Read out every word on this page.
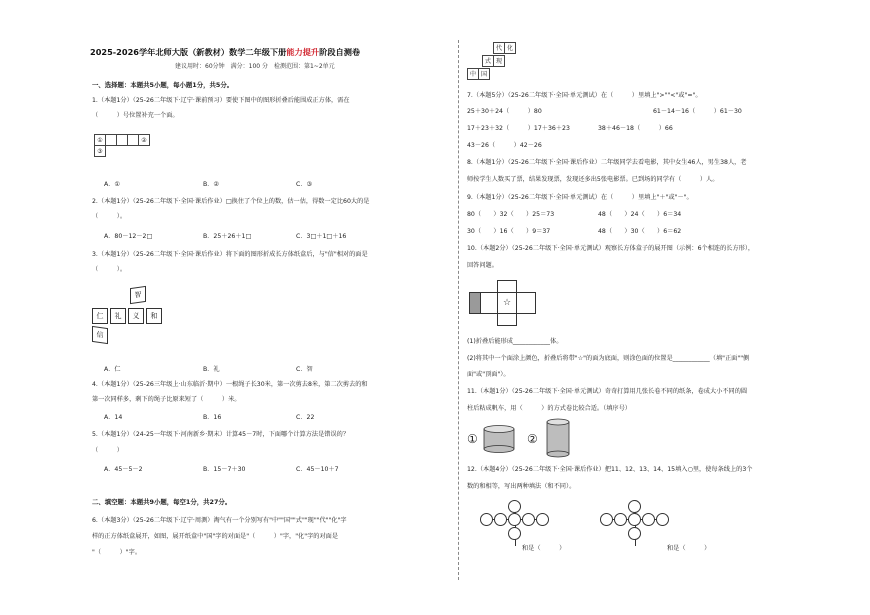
2025-2026学年北师大版（新教材）数学二年级下册能力提升阶段自测卷
建议用时：60分钟　满分：100 分　检测范围：第1~2单元
一、选择题：本题共5小题，每小题1分，共5分。
1.（本题1分）（25-26二年级下·辽宁·课前预习）要使下图中的图形折叠后能围成正方体，需在
（　　　）号位置补充一个面。
①	②
③
A．①	B．②	C．③
2.（本题1分）（25-26二年级下·全国·课后作业）□换住了个位上的数，估一估，得数一定比60大的是
（　　　）。
A．80－12－2□	B．25＋26＋1□	C．3□＋1□＋16
3.（本题1分）（25-26二年级下·全国·课后作业）将下面的图形折成长方体纸盒后，与"信"相对的面是
（　　　）。
智
仁	礼	义	和
信
A．仁	B．礼	C．智
4.（本题1分）（25-26三年级上·山东临沂·期中）一根绳子长30米，第一次剪去8米，第二次剪去的和
第一次同样多，剩下的绳子比原来短了（　　　）米。
A．14	B．16	C．22
5.（本题1分）（24-25一年级下·河南新乡·期末）计算45－7时，下面哪个计算方法是错误的？
（　　　）
A．45－5－2	B．15－7＋30	C．45－10＋7
二、填空题：本题共9小题，每空1分，共27分。
6.（本题3分）（25-26二年级下·辽宁·周测）淘气有一个分别写有"中""国""式""现""代""化"字
样的正方体纸盒展开，如图，展开纸盒中"国"字的对面是"（　　　）"字，"化"字的对面是
"（　　　）"字。
代 化
式 现
中 国
7.（本题5分）（25-26二年级下·全国·单元测试）在（　　　）里填上">""<"或"="。
25＋30＋24（　　　）80	61－14－16（　　　）61－30
17＋23＋32（　　　）17＋36＋23	38＋46－18（　　　）66
43－26（　　　）42－26
8.（本题1分）（25-26二年级下·全国·课后作业）二年级同学去看电影，其中女生46人，男生38人，老
师按学生人数买了票，结果发现票，发现还多出5张电影票。已到场的同学有（　　　）人。
9.（本题1分）（25-26二年级下·全国·单元测试）在（　　　）里填上"＋"或"－"。
80（　　）32（　　）25＝73	48（　　）24（　　）6＝34
30（　　）16（　　）9＝37	48（　　）30（　　）6＝62
10.（本题2分）（25-26二年级下·全国·单元测试）观察长方体盒子的展开图（示例：6个相连的长方形），
回答问题。
☆
(1)折叠后能形成____________体。
(2)将其中一个面涂上颜色，折叠后将带"☆"的面为底面，则涂色面的位置是____________（填"正面""侧
面"或"顶面"）。
11.（本题1分）（25-26二年级下·全国·单元测试）奇奇打算用几张长卷不同的纸条，卷成大小不同的圆
柱后粘成帆车，用（　　　）的方式卷比较合适。（填序号）
①	②
12.（本题4分）（25-26二年级下·全国·课后作业）把11、12、13、14、15填入○里，使每条线上的3个
数的和相等，写出两种填法（和不同）。
和是（　　　）	和是（　　　）
